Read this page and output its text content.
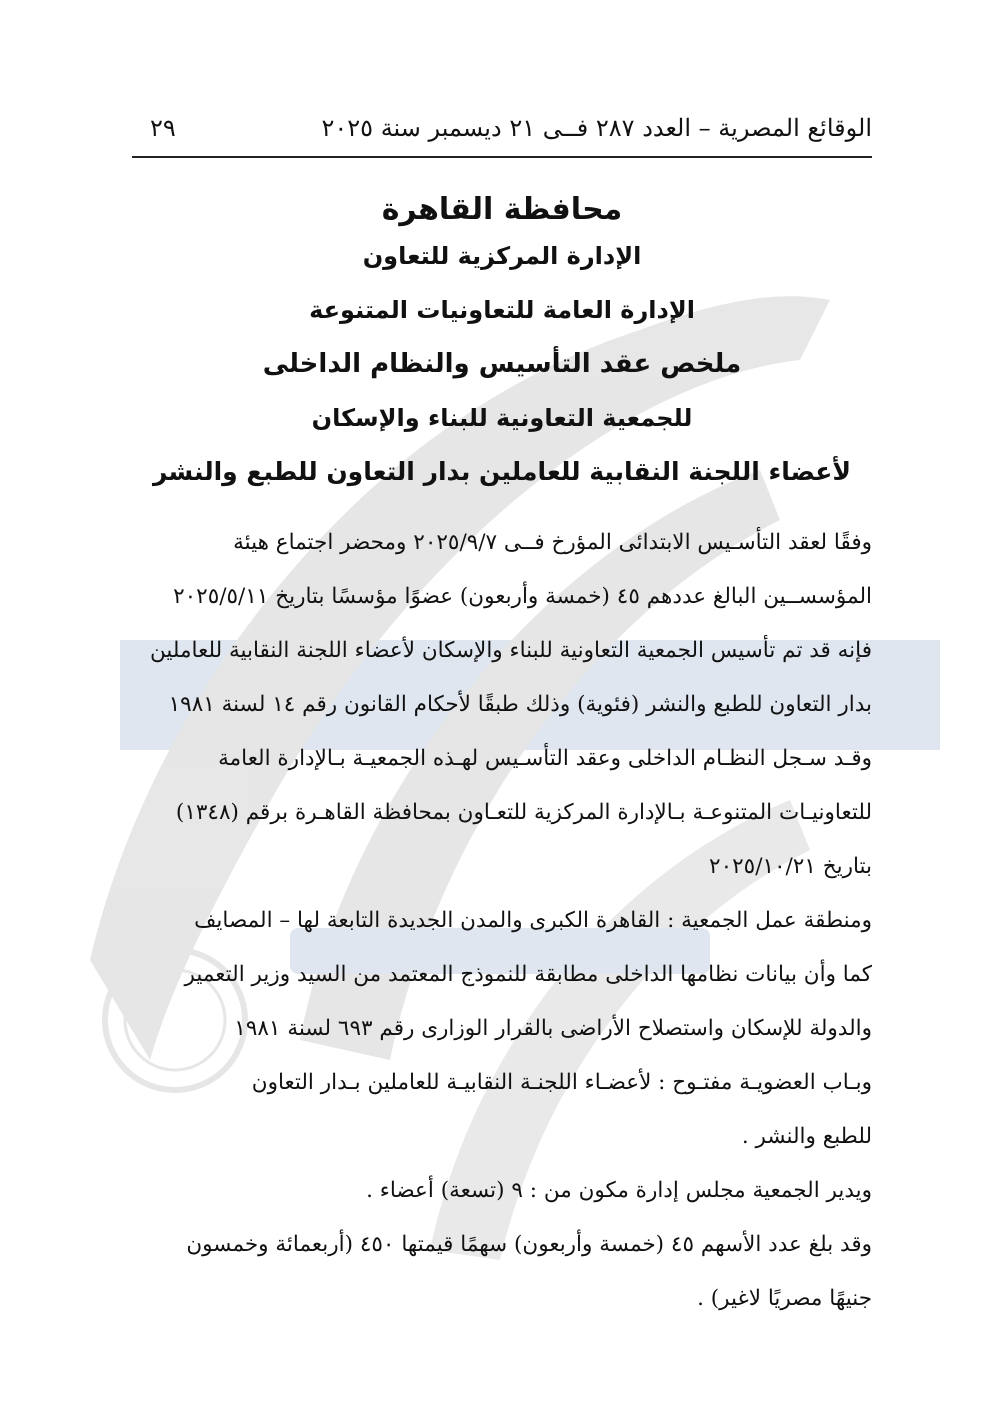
الوقائع المصرية – العدد ٢٨٧ فــى ٢١ ديسمبر سنة ٢٠٢٥
٢٩
محافظة القاهرة
الإدارة المركزية للتعاون
الإدارة العامة للتعاونيات المتنوعة
ملخص عقد التأسيس والنظام الداخلى
للجمعية التعاونية للبناء والإسكان
لأعضاء اللجنة النقابية للعاملين بدار التعاون للطبع والنشر

وفقًا لعقد التأسـيس الابتدائى المؤرخ فــى ٢٠٢٥/٩/٧ ومحضر اجتماع هيئة
المؤسســين البالغ عددهم ٤٥ (خمسة وأربعون) عضوًا مؤسسًا بتاريخ ٢٠٢٥/٥/١١
فإنه قد تم تأسيس الجمعية التعاونية للبناء والإسكان لأعضاء اللجنة النقابية للعاملين
بدار التعاون للطبع والنشر (فئوية) وذلك طبقًا لأحكام القانون رقم ١٤ لسنة ١٩٨١

وقـد سـجل النظـام الداخلى وعقد التأسـيس لهـذه الجمعيـة بـالإدارة العامة
للتعاونيـات المتنوعـة بـالإدارة المركزية للتعـاون بمحافظة القاهـرة برقم (١٣٤٨)
بتاريخ ٢٠٢٥/١٠/٢١

ومنطقة عمل الجمعية : القاهرة الكبرى والمدن الجديدة التابعة لها – المصايف

كما وأن بيانات نظامها الداخلى مطابقة للنموذج المعتمد من السيد وزير التعمير
والدولة للإسكان واستصلاح الأراضى بالقرار الوزارى رقم ٦٩٣ لسنة ١٩٨١

وبـاب العضويـة مفتـوح : لأعضـاء اللجنـة النقابيـة للعاملين بـدار التعاون
للطبع والنشر .

ويدير الجمعية مجلس إدارة مكون من : ٩ (تسعة) أعضاء .

وقد بلغ عدد الأسهم ٤٥ (خمسة وأربعون) سهمًا قيمتها ٤٥٠ (أربعمائة وخمسون
جنيهًا مصريًا لاغير) .
